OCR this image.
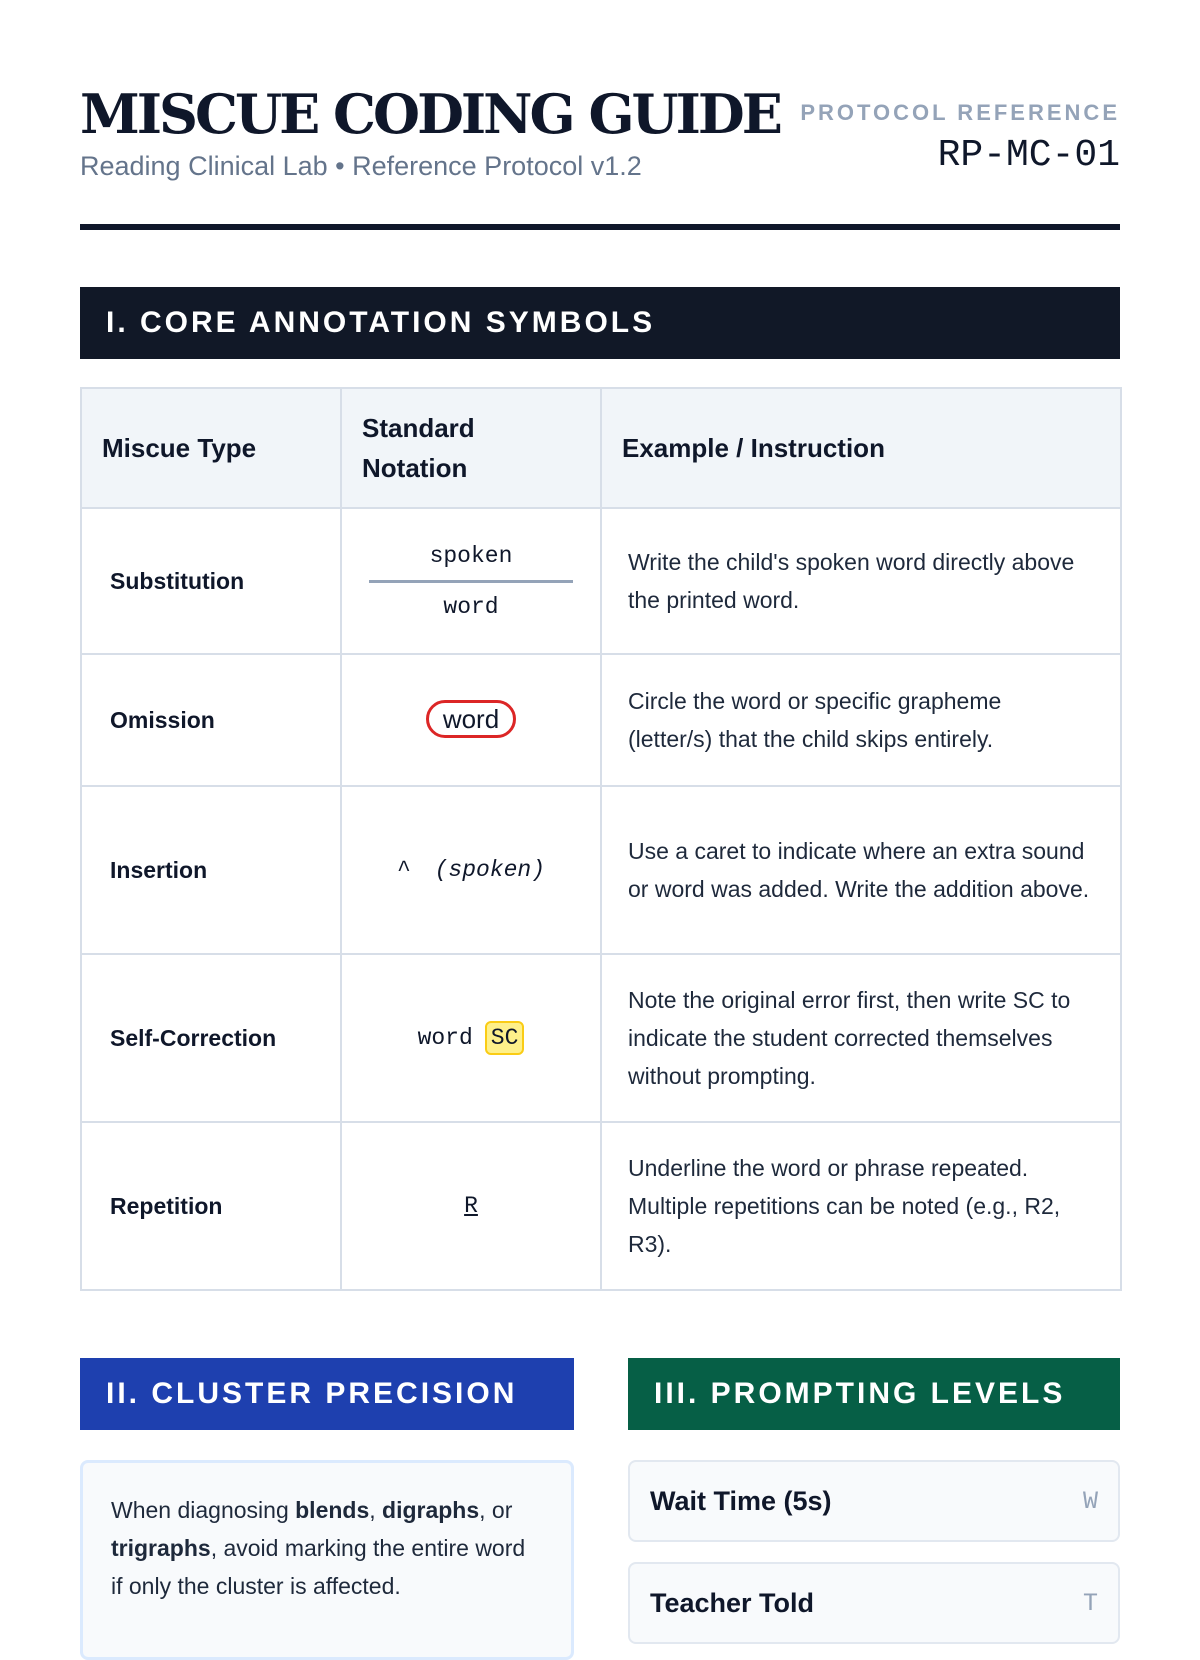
MISCUE CODING GUIDE
Reading Clinical Lab • Reference Protocol v1.2
PROTOCOL REFERENCE
RP-MC-01
I. CORE ANNOTATION SYMBOLS
Miscue Type	Standard Notation	Example / Instruction
Substitution	$\frac{\text{spoken}}{\text{word}}$	Write the child's spoken word directly above the printed word.
Omission	word	Circle the word or specific grapheme (letter/s) that the child skips entirely.
Insertion	^ (spoken)	Use a caret to indicate where an extra sound or word was added. Write the addition above.
Self-Correction	word SC	Note the original error first, then write SC to indicate the student corrected themselves without prompting.
Repetition	R	Underline the word or phrase repeated. Multiple repetitions can be noted (e.g., R2, R3).
II. CLUSTER PRECISION
When diagnosing blends, digraphs, or trigraphs, avoid marking the entire word if only the cluster is affected.
III. PROMPTING LEVELS
Wait Time (5s)	W
Teacher Told	T
